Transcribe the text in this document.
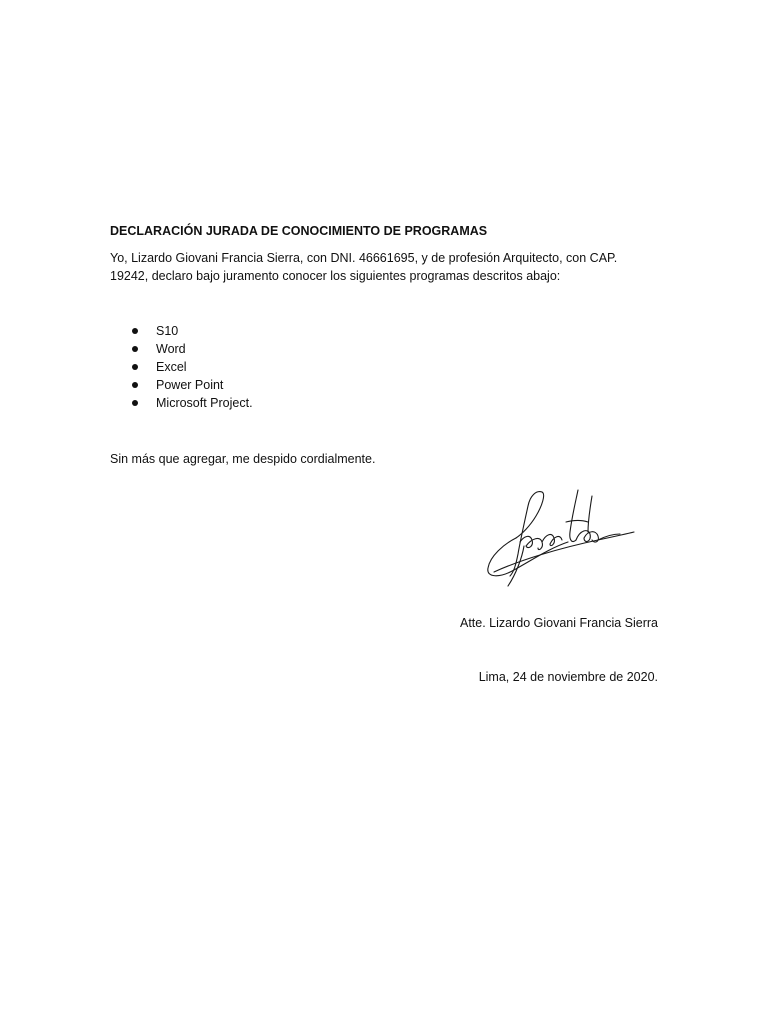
DECLARACIÓN JURADA DE CONOCIMIENTO DE PROGRAMAS

Yo, Lizardo Giovani Francia Sierra, con DNI. 46661695, y de profesión Arquitecto, con CAP.

19242, declaro bajo juramento conocer los siguientes programas descritos abajo:

S10
Word
Excel
Power Point
Microsoft Project.
Sin más que agregar, me despido cordialmente.
Atte. Lizardo Giovani Francia Sierra
Lima, 24 de noviembre de 2020.
